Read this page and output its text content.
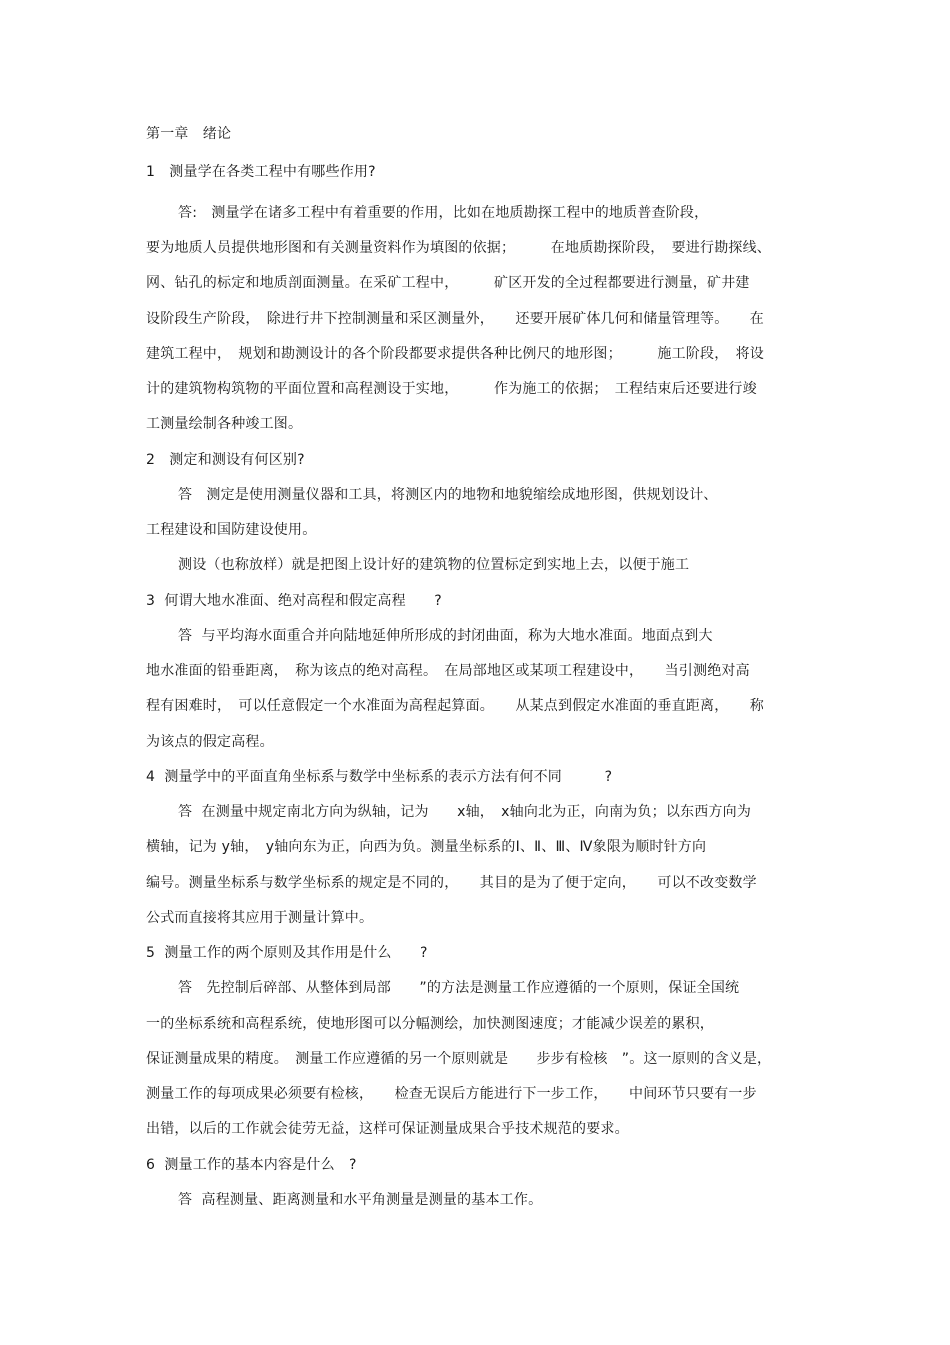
第一章　绪论
1　测量学在各类工程中有哪些作用?
答:　测量学在诸多工程中有着重要的作用，比如在地质勘探工程中的地质普查阶段，
要为地质人员提供地形图和有关测量资料作为填图的依据；　　　在地质勘探阶段，　要进行勘探线、
网、钻孔的标定和地质剖面测量。在采矿工程中，　　　矿区开发的全过程都要进行测量，矿井建
设阶段生产阶段，　除进行井下控制测量和采区测量外，　　还要开展矿体几何和储量管理等。　　在
建筑工程中，　规划和勘测设计的各个阶段都要求提供各种比例尺的地形图；　　　施工阶段，　将设
计的建筑物构筑物的平面位置和高程测设于实地，　　　作为施工的依据；　工程结束后还要进行竣
工测量绘制各种竣工图。
2　测定和测设有何区别?
答　测定是使用测量仪器和工具，将测区内的地物和地貌缩绘成地形图，供规划设计、
工程建设和国防建设使用。
测设（也称放样）就是把图上设计好的建筑物的位置标定到实地上去，以便于施工
3  何谓大地水准面、绝对高程和假定高程　　?
答  与平均海水面重合并向陆地延伸所形成的封闭曲面，称为大地水准面。地面点到大
地水准面的铅垂距离，　称为该点的绝对高程。　在局部地区或某项工程建设中，　　当引测绝对高
程有困难时，　可以任意假定一个水准面为高程起算面。　　从某点到假定水准面的垂直距离，　　称
为该点的假定高程。
4  测量学中的平面直角坐标系与数学中坐标系的表示方法有何不同　　　?
答  在测量中规定南北方向为纵轴，记为　　x轴，　x轴向北为正，向南为负；以东西方向为
横轴，记为 y轴，　y轴向东为正，向西为负。测量坐标系的Ⅰ、Ⅱ、Ⅲ、Ⅳ象限为顺时针方向
编号。测量坐标系与数学坐标系的规定是不同的，　　其目的是为了便于定向，　　可以不改变数学
公式而直接将其应用于测量计算中。
5  测量工作的两个原则及其作用是什么　　?
答　先控制后碎部、从整体到局部　　”的方法是测量工作应遵循的一个原则，保证全国统
一的坐标系统和高程系统，使地形图可以分幅测绘，加快测图速度；才能减少误差的累积，
保证测量成果的精度。　测量工作应遵循的另一个原则就是　　步步有检核　”。这一原则的含义是，
测量工作的每项成果必须要有检核，　　检查无误后方能进行下一步工作，　　中间环节只要有一步
出错，以后的工作就会徒劳无益，这样可保证测量成果合乎技术规范的要求。
6  测量工作的基本内容是什么　?
答  高程测量、距离测量和水平角测量是测量的基本工作。
